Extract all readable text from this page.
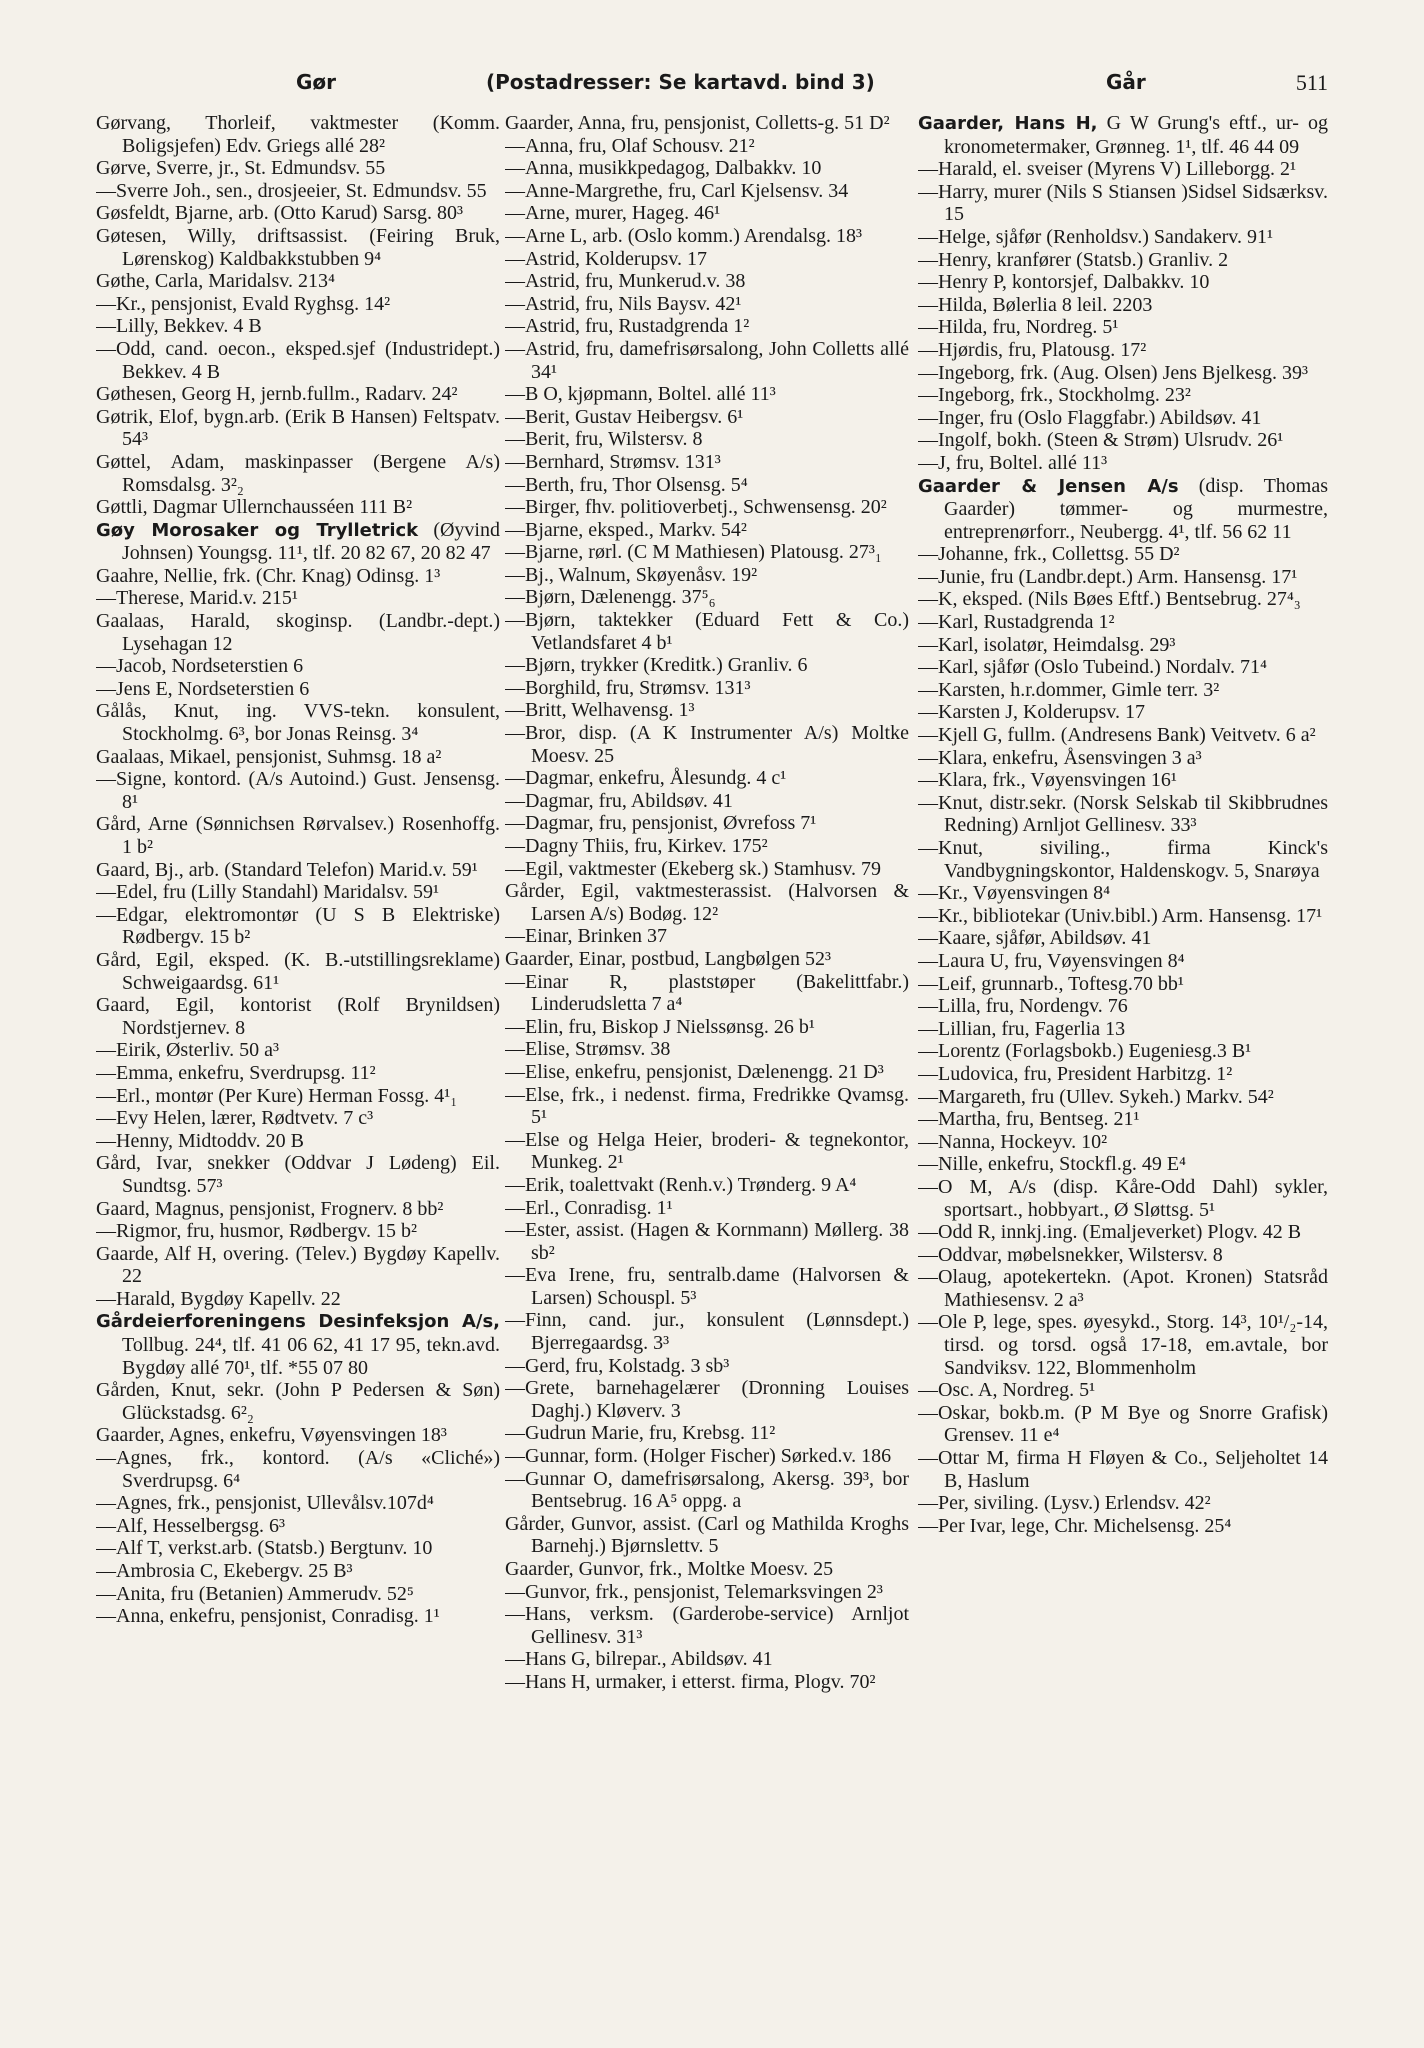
Gør	(Postadresser: Se kartavd. bind 3)	Går	511

Gørvang, Thorleif, vaktmester (Komm. Boligsjefen) Edv. Griegs allé 28²

Gørve, Sverre, jr., St. Edmundsv. 55

—Sverre Joh., sen., drosjeeier, St. Edmundsv. 55

Gøsfeldt, Bjarne, arb. (Otto Karud) Sarsg. 80³

Gøtesen, Willy, driftsassist. (Feiring Bruk, Lørenskog) Kaldbakkstubben 9⁴

Gøthe, Carla, Maridalsv. 213⁴

—Kr., pensjonist, Evald Ryghsg. 14²

—Lilly, Bekkev. 4 B

—Odd, cand. oecon., eksped.sjef (Industridept.) Bekkev. 4 B

Gøthesen, Georg H, jernb.fullm., Radarv. 24²

Gøtrik, Elof, bygn.arb. (Erik B Hansen) Feltspatv. 54³

Gøttel, Adam, maskinpasser (Bergene A/s) Romsdalsg. 3²₂

Gøttli, Dagmar Ullernchausséen 111 B²

Gøy Morosaker og Trylletrick (Øyvind Johnsen) Youngsg. 11¹, tlf. 20 82 67, 20 82 47

Gaahre, Nellie, frk. (Chr. Knag) Odinsg. 1³

—Therese, Marid.v. 215¹

Gaalaas, Harald, skoginsp. (Landbr.-dept.) Lysehagan 12

—Jacob, Nordseterstien 6

—Jens E, Nordseterstien 6

Gålås, Knut, ing. VVS-tekn. konsulent, Stockholmg. 6³, bor Jonas Reinsg. 3⁴

Gaalaas, Mikael, pensjonist, Suhmsg. 18 a²

—Signe, kontord. (A/s Autoind.) Gust. Jensensg. 8¹

Gård, Arne (Sønnichsen Rørvalsev.) Rosenhoffg. 1 b²

Gaard, Bj., arb. (Standard Telefon) Marid.v. 59¹

—Edel, fru (Lilly Standahl) Maridalsv. 59¹

—Edgar, elektromontør (U S B Elektriske) Rødbergv. 15 b²

Gård, Egil, eksped. (K. B.-utstillingsreklame) Schweigaardsg. 61¹

Gaard, Egil, kontorist (Rolf Brynildsen) Nordstjernev. 8

—Eirik, Østerliv. 50 a³

—Emma, enkefru, Sverdrupsg. 11²

—Erl., montør (Per Kure) Herman Fossg. 4¹₁

—Evy Helen, lærer, Rødtvetv. 7 c³

—Henny, Midtoddv. 20 B

Gård, Ivar, snekker (Oddvar J Lødeng) Eil. Sundtsg. 57³

Gaard, Magnus, pensjonist, Frognerv. 8 bb²

—Rigmor, fru, husmor, Rødbergv. 15 b²

Gaarde, Alf H, overing. (Telev.) Bygdøy Kapellv. 22

—Harald, Bygdøy Kapellv. 22

Gårdeierforeningens Desinfeksjon A/s, Tollbug. 24⁴, tlf. 41 06 62, 41 17 95, tekn.avd. Bygdøy allé 70¹, tlf. *55 07 80

Gården, Knut, sekr. (John P Pedersen & Søn) Glückstadsg. 6²₂

Gaarder, Agnes, enkefru, Vøyensvingen 18³

—Agnes, frk., kontord. (A/s «Cliché») Sverdrupsg. 6⁴

—Agnes, frk., pensjonist, Ullevålsv.107d⁴

—Alf, Hesselbergsg. 6³

—Alf T, verkst.arb. (Statsb.) Bergtunv. 10

—Ambrosia C, Ekebergv. 25 B³

—Anita, fru (Betanien) Ammerudv. 52⁵

—Anna, enkefru, pensjonist, Conradisg. 1¹

Gaarder, Anna, fru, pensjonist, Colletts-g. 51 D²

—Anna, fru, Olaf Schousv. 21²

—Anna, musikkpedagog, Dalbakkv. 10

—Anne-Margrethe, fru, Carl Kjelsensv. 34

—Arne, murer, Hageg. 46¹

—Arne L, arb. (Oslo komm.) Arendalsg. 18³

—Astrid, Kolderupsv. 17

—Astrid, fru, Munkerud.v. 38

—Astrid, fru, Nils Baysv. 42¹

—Astrid, fru, Rustadgrenda 1²

—Astrid, fru, damefrisørsalong, John Colletts allé 34¹

—B O, kjøpmann, Boltel. allé 11³

—Berit, Gustav Heibergsv. 6¹

—Berit, fru, Wilstersv. 8

—Bernhard, Strømsv. 131³

—Berth, fru, Thor Olsensg. 5⁴

—Birger, fhv. politioverbetj., Schwensensg. 20²

—Bjarne, eksped., Markv. 54²

—Bjarne, rørl. (C M Mathiesen) Platousg. 27³₁

—Bj., Walnum, Skøyenåsv. 19²

—Bjørn, Dælenengg. 37⁵₆

—Bjørn, taktekker (Eduard Fett & Co.) Vetlandsfaret 4 b¹

—Bjørn, trykker (Kreditk.) Granliv. 6

—Borghild, fru, Strømsv. 131³

—Britt, Welhavensg. 1³

—Bror, disp. (A K Instrumenter A/s) Moltke Moesv. 25

—Dagmar, enkefru, Ålesundg. 4 c¹

—Dagmar, fru, Abildsøv. 41

—Dagmar, fru, pensjonist, Øvrefoss 7¹

—Dagny Thiis, fru, Kirkev. 175²

—Egil, vaktmester (Ekeberg sk.) Stamhusv. 79

Gårder, Egil, vaktmesterassist. (Halvorsen & Larsen A/s) Bodøg. 12²

—Einar, Brinken 37

Gaarder, Einar, postbud, Langbølgen 52³

—Einar R, plaststøper (Bakelittfabr.) Linderudsletta 7 a⁴

—Elin, fru, Biskop J Nielssønsg. 26 b¹

—Elise, Strømsv. 38

—Elise, enkefru, pensjonist, Dælenengg. 21 D³

—Else, frk., i nedenst. firma, Fredrikke Qvamsg. 5¹

—Else og Helga Heier, broderi- & tegnekontor, Munkeg. 2¹

—Erik, toalettvakt (Renh.v.) Trønderg. 9 A⁴

—Erl., Conradisg. 1¹

—Ester, assist. (Hagen & Kornmann) Møllerg. 38 sb²

—Eva Irene, fru, sentralb.dame (Halvorsen & Larsen) Schouspl. 5³

—Finn, cand. jur., konsulent (Lønnsdept.) Bjerregaardsg. 3³

—Gerd, fru, Kolstadg. 3 sb³

—Grete, barnehagelærer (Dronning Louises Daghj.) Kløverv. 3

—Gudrun Marie, fru, Krebsg. 11²

—Gunnar, form. (Holger Fischer) Sørked.v. 186

—Gunnar O, damefrisørsalong, Akersg. 39³, bor Bentsebrug. 16 A⁵ oppg. a

Gårder, Gunvor, assist. (Carl og Mathilda Kroghs Barnehj.) Bjørnslettv. 5

Gaarder, Gunvor, frk., Moltke Moesv. 25

—Gunvor, frk., pensjonist, Telemarksvingen 2³

—Hans, verksm. (Garderobe-service) Arnljot Gellinesv. 31³

—Hans G, bilrepar., Abildsøv. 41

—Hans H, urmaker, i etterst. firma, Plogv. 70²

Gaarder, Hans H, G W Grung's eftf., ur- og kronometermaker, Grønneg. 1¹, tlf. 46 44 09

—Harald, el. sveiser (Myrens V) Lilleborgg. 2¹

—Harry, murer (Nils S Stiansen )Sidsel Sidsærksv. 15

—Helge, sjåfør (Renholdsv.) Sandakerv. 91¹

—Henry, kranfører (Statsb.) Granliv. 2

—Henry P, kontorsjef, Dalbakkv. 10

—Hilda, Bølerlia 8 leil. 2203

—Hilda, fru, Nordreg. 5¹

—Hjørdis, fru, Platousg. 17²

—Ingeborg, frk. (Aug. Olsen) Jens Bjelkesg. 39³

—Ingeborg, frk., Stockholmg. 23²

—Inger, fru (Oslo Flaggfabr.) Abildsøv. 41

—Ingolf, bokh. (Steen & Strøm) Ulsrudv. 26¹

—J, fru, Boltel. allé 11³

Gaarder & Jensen A/s (disp. Thomas Gaarder) tømmer- og murmestre, entreprenørforr., Neubergg. 4¹, tlf. 56 62 11

—Johanne, frk., Collettsg. 55 D²

—Junie, fru (Landbr.dept.) Arm. Hansensg. 17¹

—K, eksped. (Nils Bøes Eftf.) Bentsebrug. 27⁴₃

—Karl, Rustadgrenda 1²

—Karl, isolatør, Heimdalsg. 29³

—Karl, sjåfør (Oslo Tubeind.) Nordalv. 71⁴

—Karsten, h.r.dommer, Gimle terr. 3²

—Karsten J, Kolderupsv. 17

—Kjell G, fullm. (Andresens Bank) Veitvetv. 6 a²

—Klara, enkefru, Åsensvingen 3 a³

—Klara, frk., Vøyensvingen 16¹

—Knut, distr.sekr. (Norsk Selskab til Skibbrudnes Redning) Arnljot Gellinesv. 33³

—Knut, siviling., firma Kinck's Vandbygningskontor, Haldenskogv. 5, Snarøya

—Kr., Vøyensvingen 8⁴

—Kr., bibliotekar (Univ.bibl.) Arm. Hansensg. 17¹

—Kaare, sjåfør, Abildsøv. 41

—Laura U, fru, Vøyensvingen 8⁴

—Leif, grunnarb., Toftesg.70 bb¹

—Lilla, fru, Nordengv. 76

—Lillian, fru, Fagerlia 13

—Lorentz (Forlagsbokb.) Eugeniesg.3 B¹

—Ludovica, fru, President Harbitzg. 1²

—Margareth, fru (Ullev. Sykeh.) Markv. 54²

—Martha, fru, Bentseg. 21¹

—Nanna, Hockeyv. 10²

—Nille, enkefru, Stockfl.g. 49 E⁴

—O M, A/s (disp. Kåre-Odd Dahl) sykler, sportsart., hobbyart., Ø Sløttsg. 5¹

—Odd R, innkj.ing. (Emaljeverket) Plogv. 42 B

—Oddvar, møbelsnekker, Wilstersv. 8

—Olaug, apotekertekn. (Apot. Kronen) Statsråd Mathiesensv. 2 a³

—Ole P, lege, spes. øyesykd., Storg. 14³, 10¹/₂-14, tirsd. og torsd. også 17-18, em.avtale, bor Sandviksv. 122, Blommenholm

—Osc. A, Nordreg. 5¹

—Oskar, bokb.m. (P M Bye og Snorre Grafisk) Grensev. 11 e⁴

—Ottar M, firma H Fløyen & Co., Seljeholtet 14 B, Haslum

—Per, siviling. (Lysv.) Erlendsv. 42²

—Per Ivar, lege, Chr. Michelsensg. 25⁴
